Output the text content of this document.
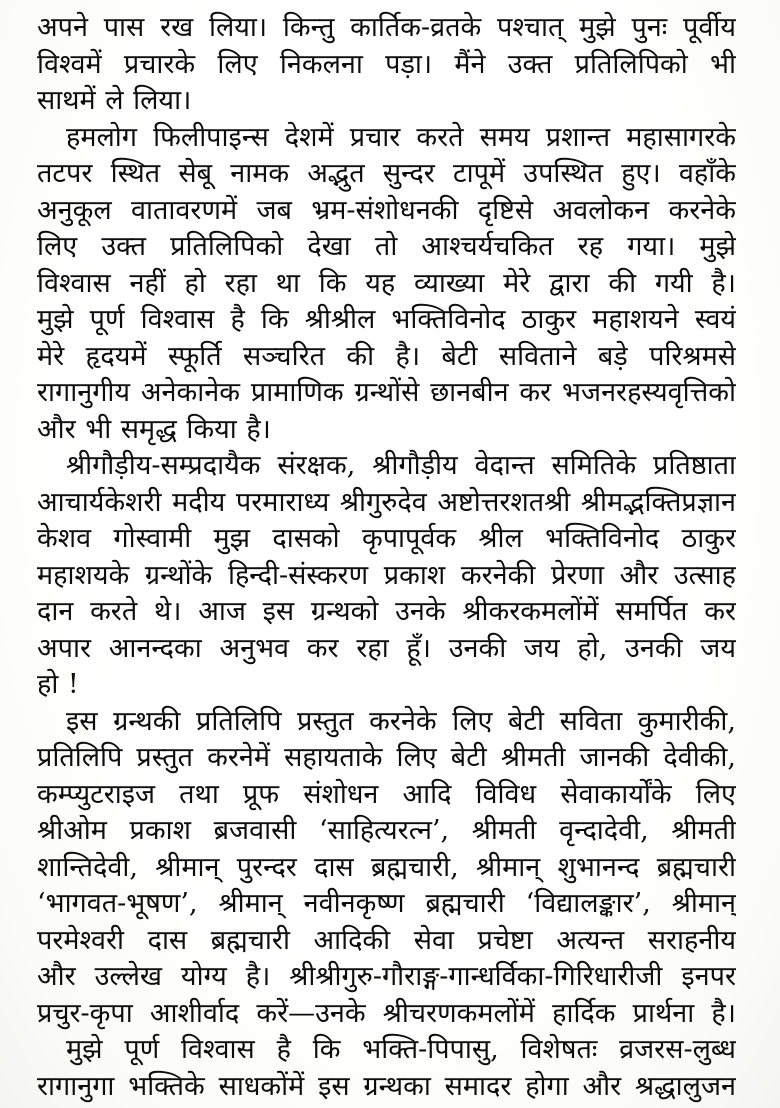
अपने पास रख लिया। किन्तु कार्तिक-व्रतके पश्चात् मुझे पुनः पूर्वीय
विश्वमें प्रचारके लिए निकलना पड़ा। मैंने उक्त प्रतिलिपिको भी
साथमें ले लिया।
हमलोग फिलीपाइन्स देशमें प्रचार करते समय प्रशान्त महासागरके
तटपर स्थित सेबू नामक अद्भुत सुन्दर टापूमें उपस्थित हुए। वहाँके
अनुकूल वातावरणमें जब भ्रम-संशोधनकी दृष्टिसे अवलोकन करनेके
लिए उक्त प्रतिलिपिको देखा तो आश्चर्यचकित रह गया। मुझे
विश्वास नहीं हो रहा था कि यह व्याख्या मेरे द्वारा की गयी है।
मुझे पूर्ण विश्वास है कि श्रीश्रील भक्तिविनोद ठाकुर महाशयने स्वयं
मेरे हृदयमें स्फूर्ति सञ्चरित की है। बेटी सविताने बड़े परिश्रमसे
रागानुगीय अनेकानेक प्रामाणिक ग्रन्थोंसे छानबीन कर भजनरहस्यवृत्तिको
और भी समृद्ध किया है।
श्रीगौड़ीय-सम्प्रदायैक संरक्षक, श्रीगौड़ीय वेदान्त समितिके प्रतिष्ठाता
आचार्यकेशरी मदीय परमाराध्य श्रीगुरुदेव अष्टोत्तरशतश्री श्रीमद्भक्तिप्रज्ञान
केशव गोस्वामी मुझ दासको कृपापूर्वक श्रील भक्तिविनोद ठाकुर
महाशयके ग्रन्थोंके हिन्दी-संस्करण प्रकाश करनेकी प्रेरणा और उत्साह
दान करते थे। आज इस ग्रन्थको उनके श्रीकरकमलोंमें समर्पित कर
अपार आनन्दका अनुभव कर रहा हूँ। उनकी जय हो, उनकी जय
हो !
इस ग्रन्थकी प्रतिलिपि प्रस्तुत करनेके लिए बेटी सविता कुमारीकी,
प्रतिलिपि प्रस्तुत करनेमें सहायताके लिए बेटी श्रीमती जानकी देवीकी,
कम्प्युटराइज तथा प्रूफ संशोधन आदि विविध सेवाकार्योंके लिए
श्रीओम प्रकाश ब्रजवासी ‘साहित्यरत्न’, श्रीमती वृन्दादेवी, श्रीमती
शान्तिदेवी, श्रीमान् पुरन्दर दास ब्रह्मचारी, श्रीमान् शुभानन्द ब्रह्मचारी
‘भागवत-भूषण’, श्रीमान् नवीनकृष्ण ब्रह्मचारी ‘विद्यालङ्कार’, श्रीमान्
परमेश्वरी दास ब्रह्मचारी आदिकी सेवा प्रचेष्टा अत्यन्त सराहनीय
और उल्लेख योग्य है। श्रीश्रीगुरु-गौराङ्ग-गान्धर्विका-गिरिधारीजी इनपर
प्रचुर-कृपा आशीर्वाद करें—उनके श्रीचरणकमलोंमें हार्दिक प्रार्थना है।
मुझे पूर्ण विश्वास है कि भक्ति-पिपासु, विशेषतः व्रजरस-लुब्ध
रागानुगा भक्तिके साधकोंमें इस ग्रन्थका समादर होगा और श्रद्धालुजन
